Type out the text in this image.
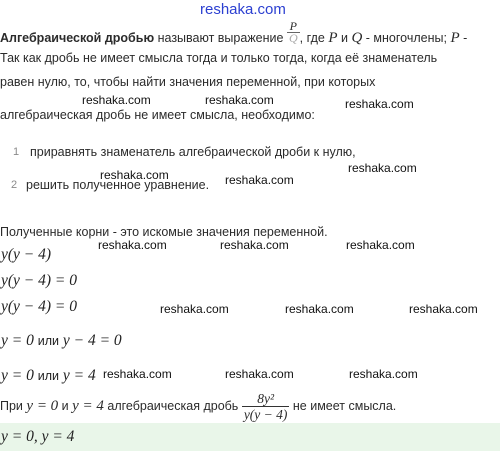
reshaka.com
Алгебраической дробью называют выражение $\frac{P}{Q}$ , где P и Q - многочлены; P -
Так как дробь не имеет смысла тогда и только тогда, когда её знаменатель
равен нулю, то, чтобы найти значения переменной, при которых
алгебраическая дробь не имеет смысла, необходимо:
reshaka.com	reshaka.com	reshaka.com
1 приравнять знаменатель алгебраической дроби к нулю,
2 решить полученное уравнение.
reshaka.com
reshaka.com	reshaka.com
Полученные корни - это искомые значения переменной.
y(y − 4)
y(y − 4) = 0
y(y − 4) = 0
y = 0 или y − 4 = 0
y = 0 или y = 4
reshaka.com	reshaka.com	reshaka.com
reshaka.com	reshaka.com	reshaka.com
reshaka.com	reshaka.com	reshaka.com
При
y = 0
и
y = 4
алгебраическая дробь
$\frac{\text{8y²}}{y(y - 4)}$
не имеет смысла.
y = 0, y = 4
